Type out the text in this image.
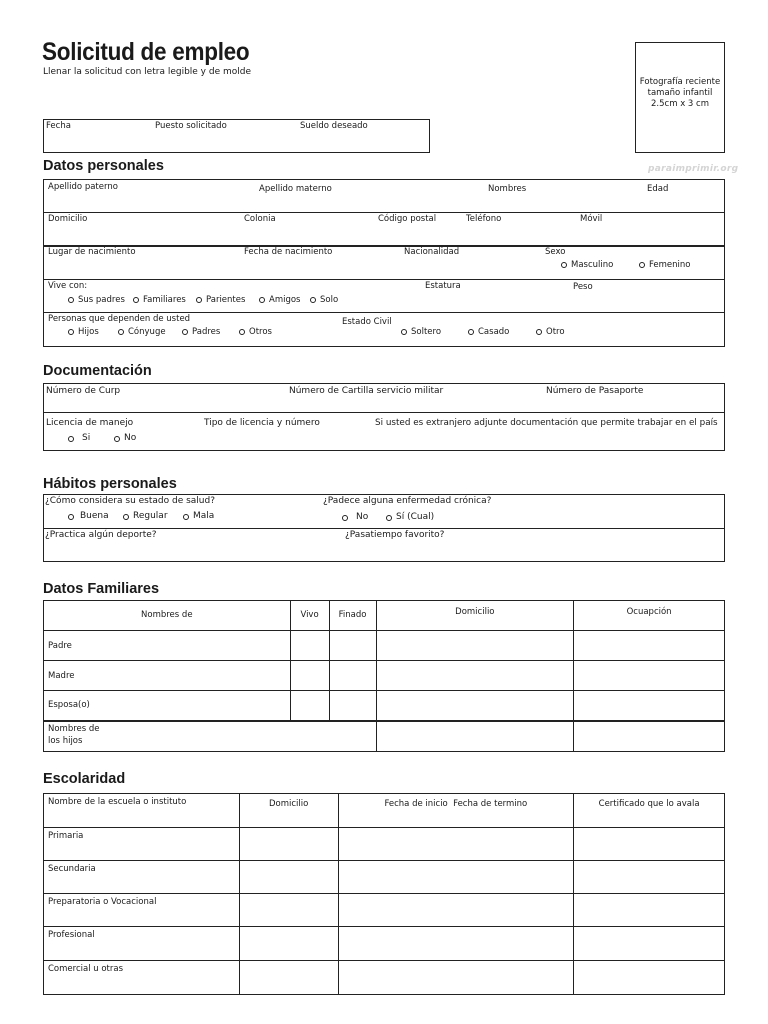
Solicitud de empleo
Llenar la solicitud con letra legible y de molde
Fotografía reciente
tamaño infantil
2.5cm x 3 cm
paraimprimir.org
Fecha	Puesto solicitado	Sueldo deseado
Datos personales
Apellido paterno	Apellido materno	Nombres	Edad
Domicilio	Colonia	Código postal	Teléfono	Móvil
Lugar de nacimiento	Fecha de nacimiento	Nacionalidad	Sexo
Masculino	Femenino
Vive con:
Sus padres Familiares Parientes	Amigos Solo
Estatura	Peso
Personas que dependen de usted
Hijos	Cónyuge	Padres	Otros
Estado Civil
Soltero	Casado	Otro
Documentación
Número de Curp	Número de Cartilla servicio militar	Número de Pasaporte
Licencia de manejo
Si	No
Tipo de licencia y número	Si usted es extranjero adjunte documentación que permite trabajar en el país
Hábitos personales
¿Cómo considera su estado de salud?
Buena	Regular	Mala
¿Padece alguna enfermedad crónica?
No	Sí (Cual)
¿Practica algún deporte?	¿Pasatiempo favorito?
Datos Familiares
Nombres de	Vivo	Finado	Domicilio	Ocuapción
Padre				
Madre				
Esposa(o)				

Nombres de
los hijos				

Escolaridad
Nombre de la escuela o instituto	Domicilio	Fecha de inicio  Fecha de termino	Certificado que lo avala
Primaria			
Secundaria			
Preparatoria o Vocacional			
Profesional			
Comercial u otras			
